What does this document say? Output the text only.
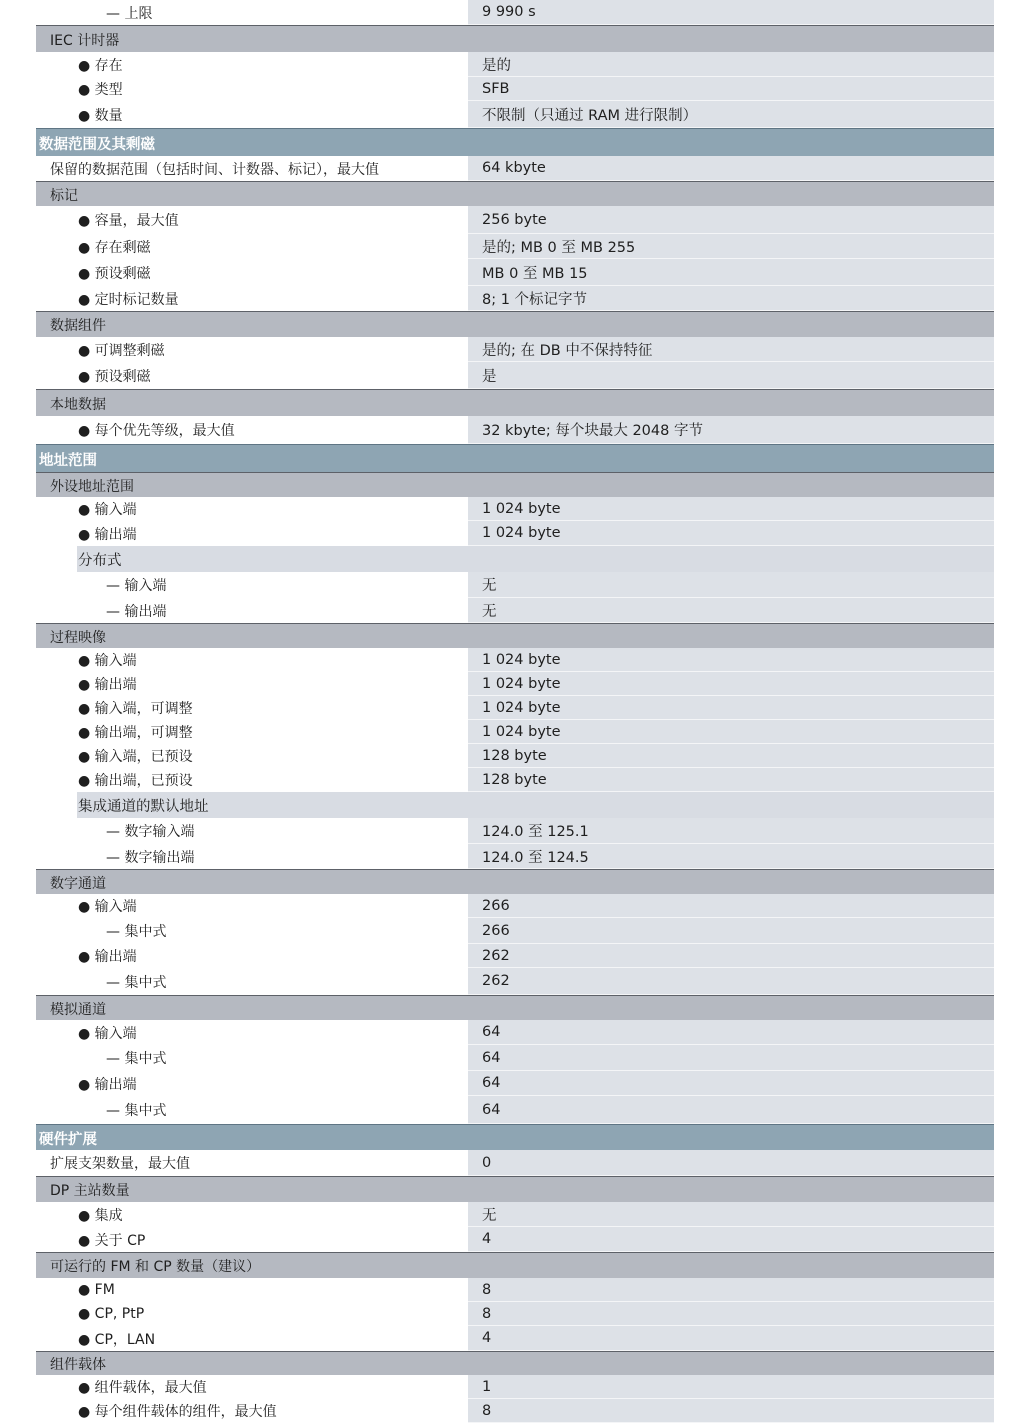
— 上限	9 990 s
IEC 计时器
● 存在	是的
● 类型	SFB
● 数量	不限制（只通过 RAM 进行限制）
数据范围及其剩磁
保留的数据范围（包括时间、计数器、标记），最大值	64 kbyte
标记
● 容量，最大值	256 byte
● 存在剩磁	是的; MB 0 至 MB 255
● 预设剩磁	MB 0 至 MB 15
● 定时标记数量	8; 1 个标记字节
数据组件
● 可调整剩磁	是的; 在 DB 中不保持特征
● 预设剩磁	是
本地数据
● 每个优先等级，最大值	32 kbyte; 每个块最大 2048 字节
地址范围
外设地址范围
● 输入端	1 024 byte
● 输出端	1 024 byte
分布式
— 输入端	无
— 输出端	无
过程映像
● 输入端	1 024 byte
● 输出端	1 024 byte
● 输入端，可调整	1 024 byte
● 输出端，可调整	1 024 byte
● 输入端，已预设	128 byte
● 输出端，已预设	128 byte
集成通道的默认地址
— 数字输入端	124.0 至 125.1
— 数字输出端	124.0 至 124.5
数字通道
● 输入端	266
— 集中式	266
● 输出端	262
— 集中式	262
模拟通道
● 输入端	64
— 集中式	64
● 输出端	64
— 集中式	64
硬件扩展
扩展支架数量，最大值	0
DP 主站数量
● 集成	无
● 关于 CP	4
可运行的 FM 和 CP 数量（建议）
● FM	8
● CP, PtP	8
● CP，LAN	4
组件载体
● 组件载体，最大值	1
● 每个组件载体的组件，最大值	8
